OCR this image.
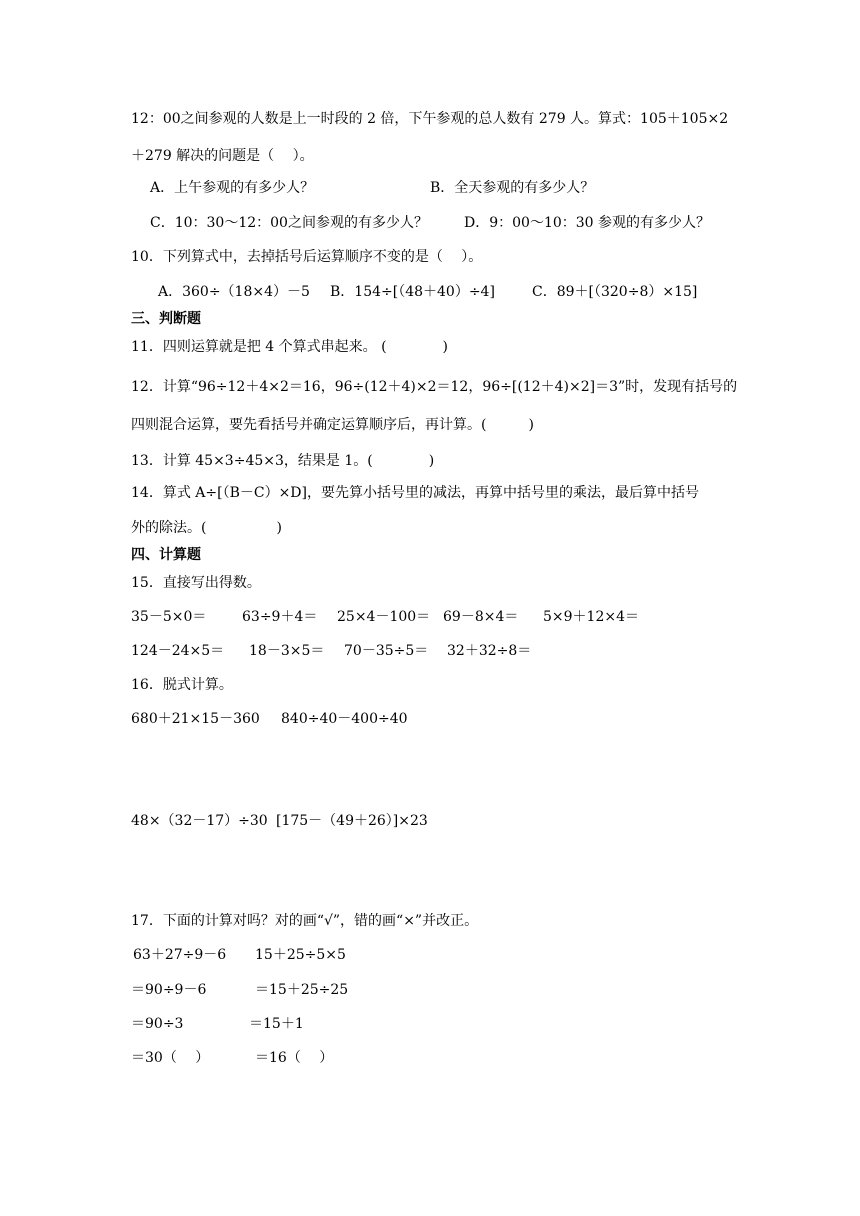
12：00之间参观的人数是上一时段的 2 倍，下午参观的总人数有 279 人。算式：105＋105×2
＋279 解决的问题是（　 ）。
A．上午参观的有多少人？	B．全天参观的有多少人？
C．10：30～12：00之间参观的有多少人？	D．9：00～10：30 参观的有多少人？
10．下列算式中，去掉括号后运算顺序不变的是（　 ）。
A．360÷（18×4）－5 B．154÷[（48＋40）÷4]	C．89＋[（320÷8）×15]
三、判断题
11．四则运算就是把 4 个算式串起来。 (　　　　)
12．计算“96÷12＋4×2＝16，96÷(12＋4)×2＝12，96÷[(12＋4)×2]＝3”时，发现有括号的
四则混合运算，要先看括号并确定运算顺序后，再计算。(　　　)
13．计算 45×3÷45×3，结果是 1。(　　　　)
14．算式 A÷[（B－C）×D]，要先算小括号里的减法，再算中括号里的乘法，最后算中括号
外的除法。(　　　　　)
四、计算题
15．直接写出得数。
35－5×0＝	63÷9＋4＝ 25×4－100＝ 69－8×4＝ 5×9＋12×4＝
124－24×5＝ 18－3×5＝ 70－35÷5＝ 32＋32÷8＝
16．脱式计算。
680＋21×15－360 840÷40－400÷40
48×（32－17）÷30 [175－（49＋26）]×23
17．下面的计算对吗？对的画“√”，错的画“×”并改正。
63＋27÷9－6
＝90÷9－6
＝90÷3
＝30（　 ）
15＋25÷5×5
＝15＋25÷25
＝15＋1
＝16（　 ）
